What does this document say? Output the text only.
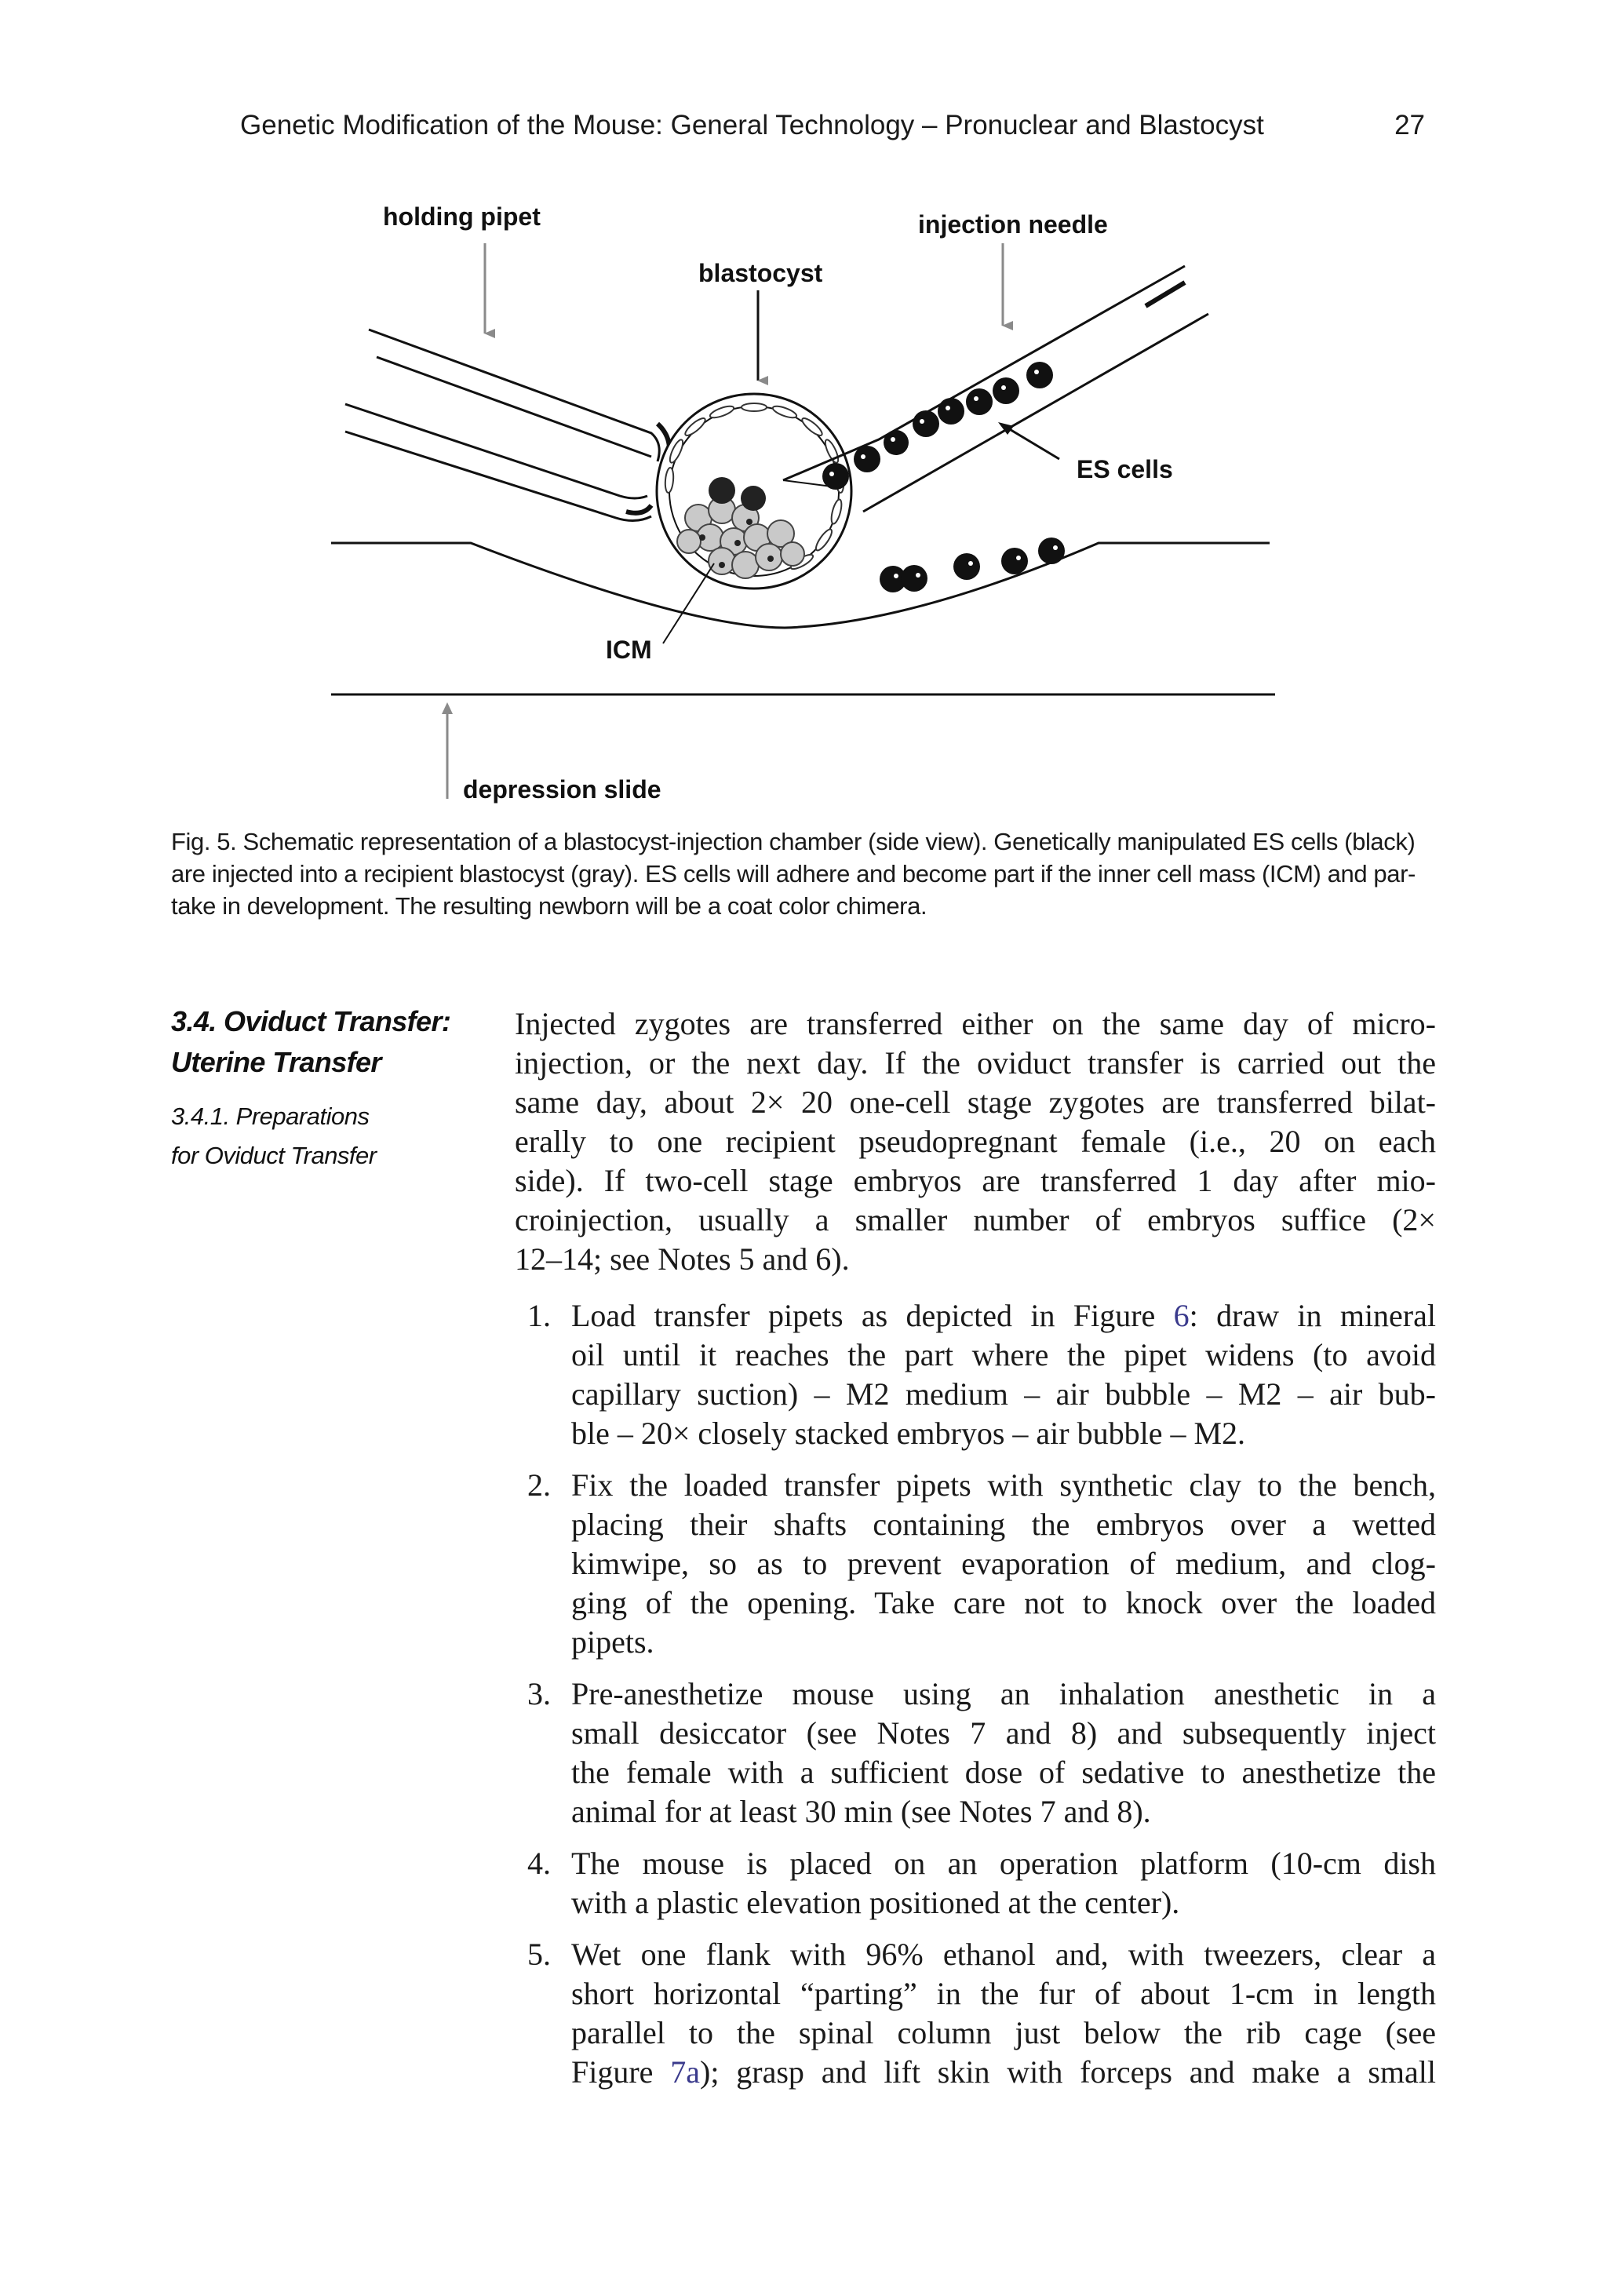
Genetic Modification of the Mouse: General Technology – Pronuclear and Blastocyst	27
holding pipet
blastocyst
injection needle
ES cells
ICM
depression slide
Fig. 5. Schematic representation of a blastocyst-injection chamber (side view). Genetically manipulated ES cells (black)
are injected into a recipient blastocyst (gray). ES cells will adhere and become part if the inner cell mass (ICM) and par-
take in development. The resulting newborn will be a coat color chimera.
3.4. Oviduct Transfer:
Uterine Transfer
3.4.1. Preparations
for Oviduct Transfer
Injected zygotes are transferred either on the same day of micro-
injection, or the next day. If the oviduct transfer is carried out the
same day, about 2× 20 one-cell stage zygotes are transferred bilat-
erally to one recipient pseudopregnant female (i.e., 20 on each
side). If two-cell stage embryos are transferred 1 day after mio-
croinjection, usually a smaller number of embryos suffice (2×
12–14; see Notes 5 and 6).
1. Load transfer pipets as depicted in Figure 6: draw in mineral
oil until it reaches the part where the pipet widens (to avoid
capillary suction) – M2 medium – air bubble – M2 – air bub-
ble – 20× closely stacked embryos – air bubble – M2.
2. Fix the loaded transfer pipets with synthetic clay to the bench,
placing their shafts containing the embryos over a wetted
kimwipe, so as to prevent evaporation of medium, and clog-
ging of the opening. Take care not to knock over the loaded
pipets.
3. Pre-anesthetize mouse using an inhalation anesthetic in a
small desiccator (see Notes 7 and 8) and subsequently inject
the female with a sufficient dose of sedative to anesthetize the
animal for at least 30 min (see Notes 7 and 8).
4. The mouse is placed on an operation platform (10-cm dish
with a plastic elevation positioned at the center).
5. Wet one flank with 96% ethanol and, with tweezers, clear a
short horizontal “parting” in the fur of about 1-cm in length
parallel to the spinal column just below the rib cage (see
Figure 7a); grasp and lift skin with forceps and make a small
